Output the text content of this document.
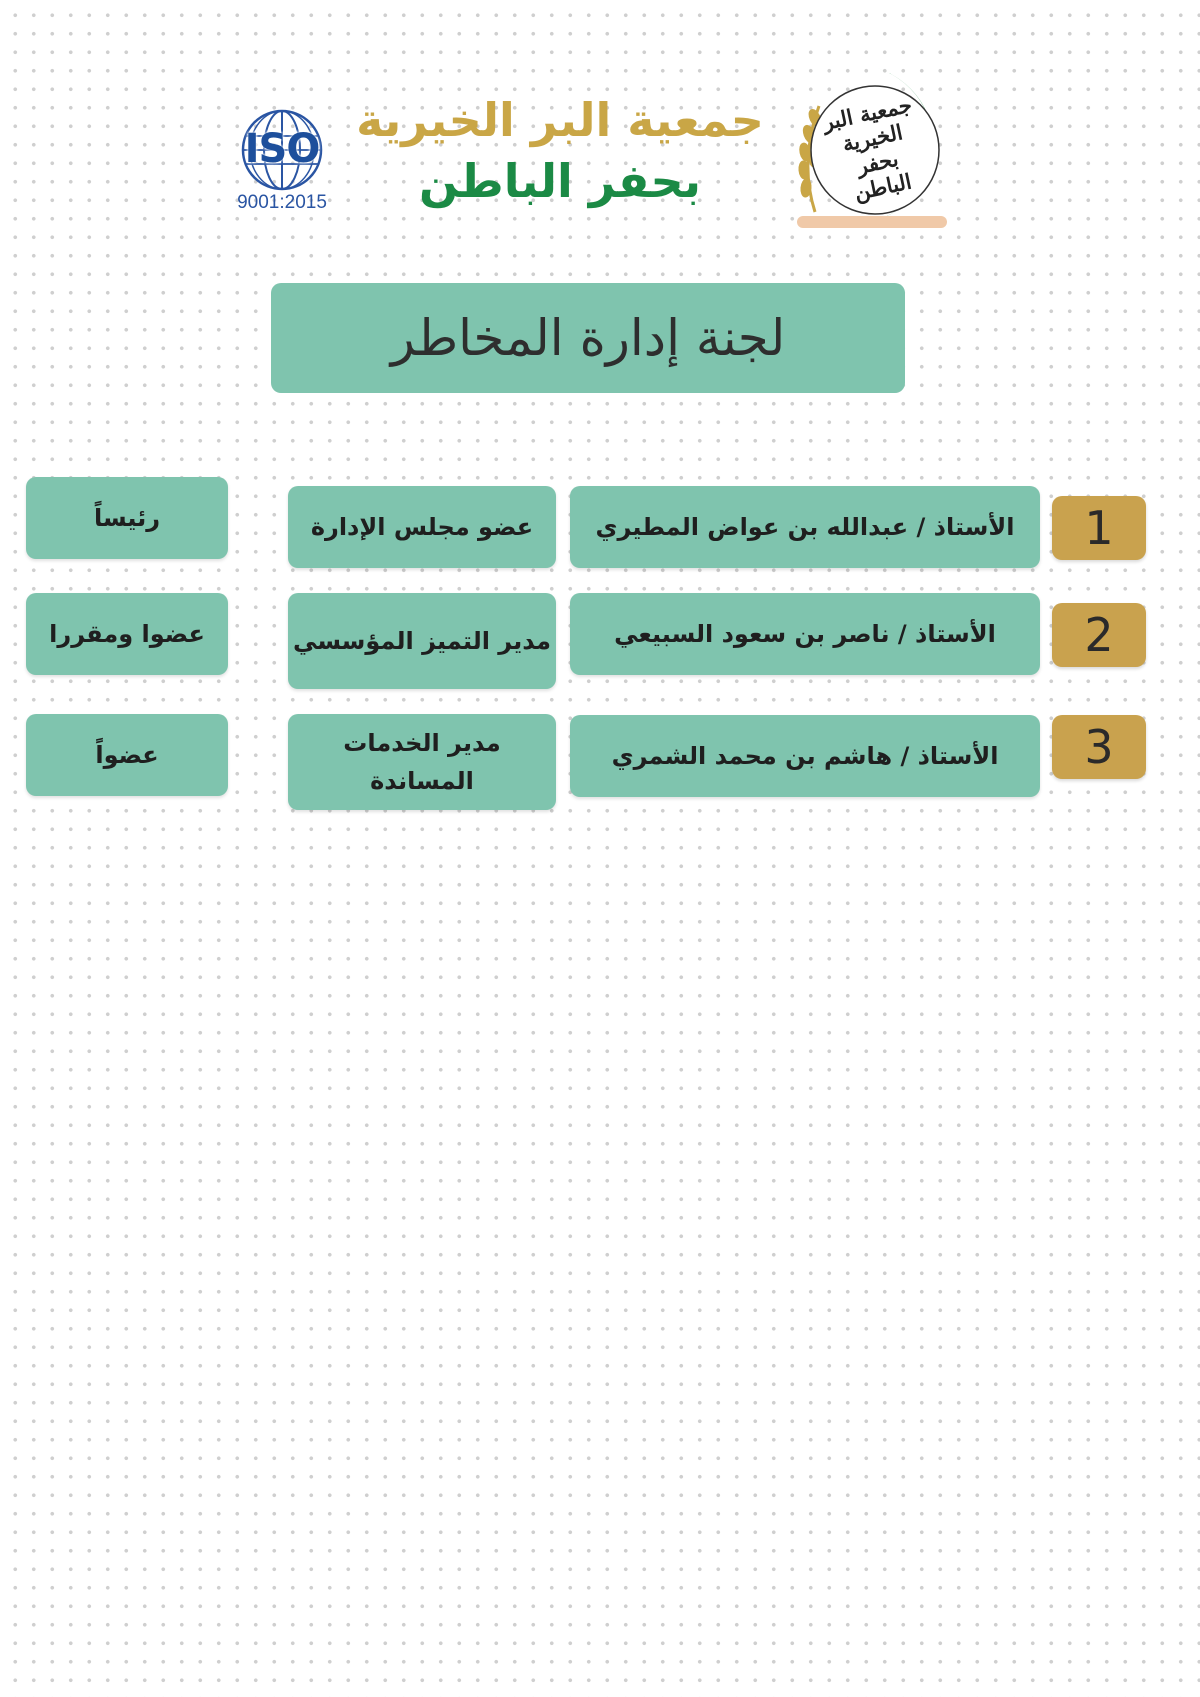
ISO
9001:2015
جمعية البر الخيرية
بحفر الباطن
جمعية البر الخيرية بحفر الباطن
لجنة إدارة المخاطر
1
الأستاذ / عبدالله بن عواض المطيري
عضو مجلس الإدارة
رئيساً
2
الأستاذ / ناصر بن سعود السبيعي
مدير التميز المؤسسي
عضوا ومقررا
3
الأستاذ / هاشم بن محمد الشمري
مدير الخدمات المساندة
عضواً
